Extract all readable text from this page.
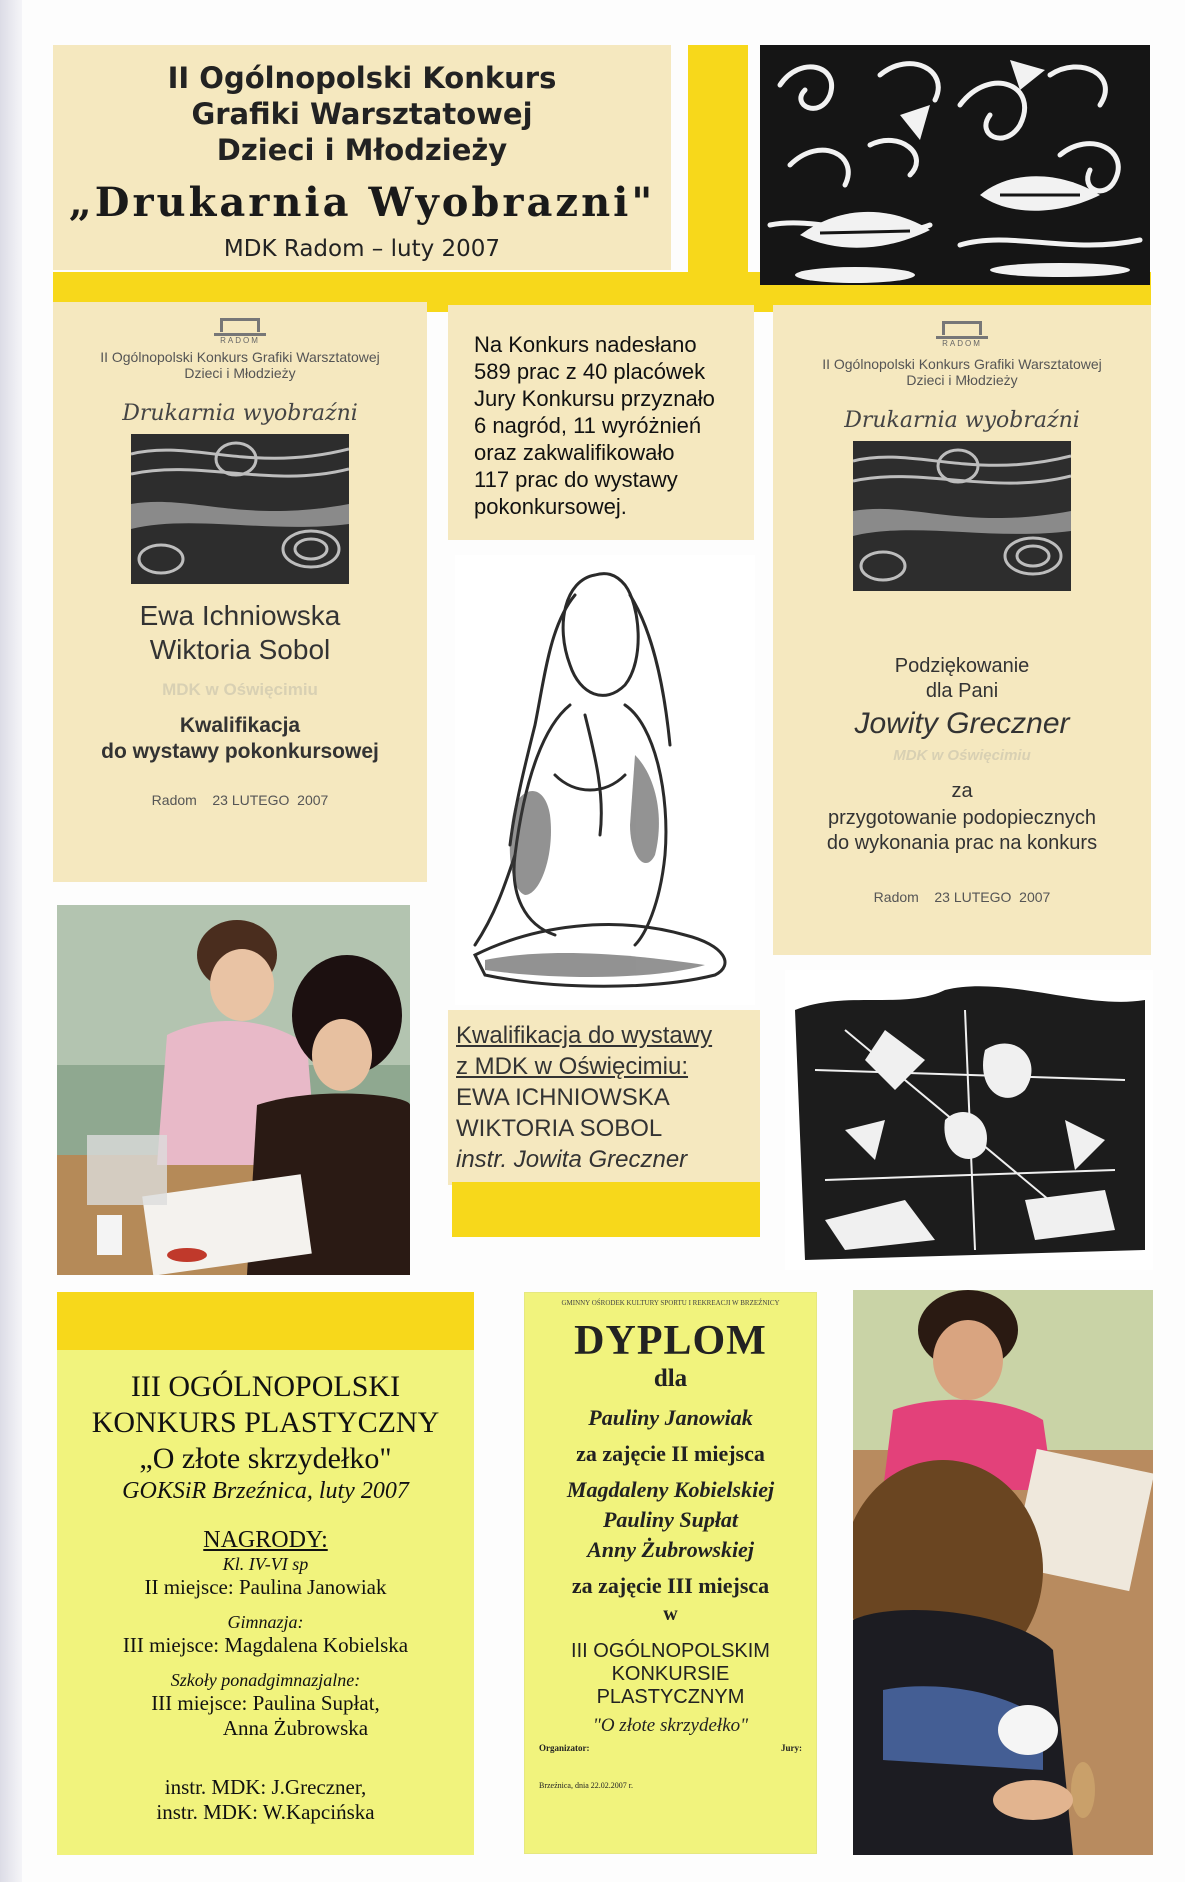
II Ogólnopolski Konkurs
Grafiki Warsztatowej
Dzieci i Młodzieży
„Drukarnia Wyobrazni"
MDK Radom – luty 2007
RADOM
II Ogólnopolski Konkurs Grafiki Warsztatowej
Dzieci i Młodzieży
Drukarnia wyobraźni
Ewa Ichniowska
Wiktoria Sobol
MDK w Oświęcimiu
Kwalifikacja
do wystawy pokonkursowej
Radom    23 LUTEGO  2007
Na Konkurs nadesłano
589 prac z 40 placówek
Jury Konkursu przyznało
6 nagród, 11 wyróżnień
oraz zakwalifikowało
117 prac do wystawy
pokonkursowej.
RADOM
II Ogólnopolski Konkurs Grafiki Warsztatowej
Dzieci i Młodzieży
Drukarnia wyobraźni
Podziękowanie
dla Pani
Jowity Greczner
MDK w Oświęcimiu
za
przygotowanie podopiecznych
do wykonania prac na konkurs
Radom    23 LUTEGO  2007
Kwalifikacja do wystawy
z MDK w Oświęcimiu:
EWA ICHNIOWSKA
WIKTORIA SOBOL
instr. Jowita Greczner
III OGÓLNOPOLSKI
KONKURS PLASTYCZNY
„O złote skrzydełko"
GOKSiR Brzeźnica, luty 2007
NAGRODY:
Kl. IV-VI sp
II miejsce: Paulina Janowiak
Gimnazja:
III miejsce: Magdalena Kobielska
Szkoły ponadgimnazjalne:
III miejsce: Paulina Supłat,
Anna Żubrowska
instr. MDK: J.Greczner,
instr. MDK: W.Kapcińska
GMINNY OŚRODEK KULTURY SPORTU I REKREACJI W BRZEŹNICY
DYPLOM
dla
Pauliny Janowiak
za zajęcie II miejsca
Magdaleny Kobielskiej
Pauliny Supłat
Anny Żubrowskiej
za zajęcie III miejsca
w
III OGÓLNOPOLSKIM
KONKURSIE
PLASTYCZNYM
"O złote skrzydełko"
Organizator:	Jury:
Brzeźnica, dnia 22.02.2007 r.
